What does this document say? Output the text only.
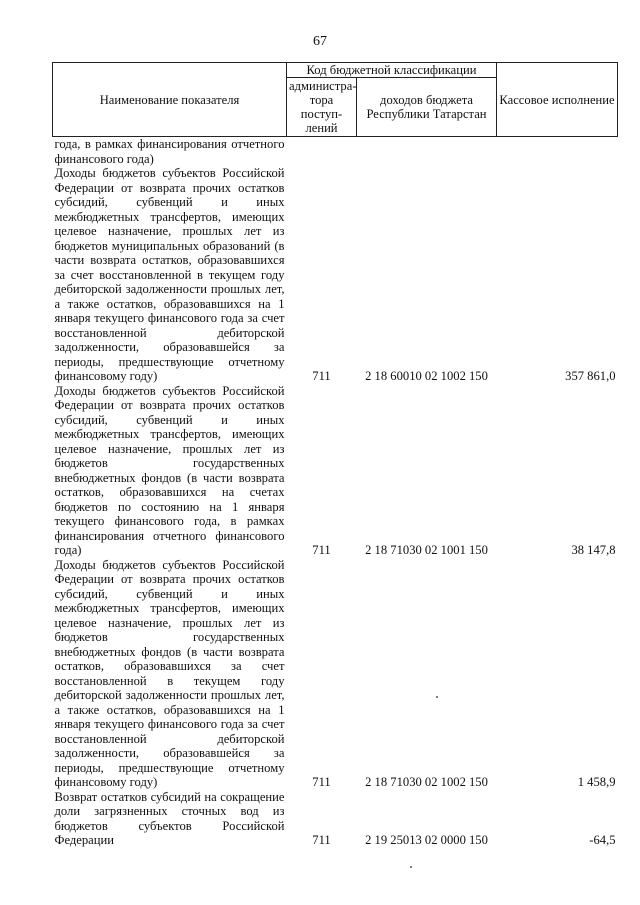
67
Наименование показателя	Код бюджетной классификации		Кассовое исполнение
	администра-тора поступ-лений	доходов бюджета Республики Татарстан	
года, в рамках финансирования отчетного финансового года)			
Доходы бюджетов субъектов Российской Федерации от возврата прочих остатков субсидий, субвенций и иных межбюджетных трансфертов, имеющих целевое назначение, прошлых лет из бюджетов муниципальных образований (в части возврата остатков, образовавшихся за счет восстановленной в текущем году дебиторской задолженности прошлых лет, а также остатков, образовавшихся на 1 января текущего финансового года за счет восстановленной дебиторской задолженности, образовавшейся за периоды, предшествующие отчетному финансовому году)	711	2 18 60010 02 1002 150	357 861,0
Доходы бюджетов субъектов Российской Федерации от возврата прочих остатков субсидий, субвенций и иных межбюджетных трансфертов, имеющих целевое назначение, прошлых лет из бюджетов государственных внебюджетных фондов (в части возврата остатков, образовавшихся на счетах бюджетов по состоянию на 1 января текущего финансового года, в рамках финансирования отчетного финансового года)	711	2 18 71030 02 1001 150	38 147,8
Доходы бюджетов субъектов Российской Федерации от возврата прочих остатков субсидий, субвенций и иных межбюджетных трансфертов, имеющих целевое назначение, прошлых лет из бюджетов государственных внебюджетных фондов (в части возврата остатков, образовавшихся за счет восстановленной в текущем году дебиторской задолженности прошлых лет, а также остатков, образовавшихся на 1 января текущего финансового года за счет восстановленной дебиторской задолженности, образовавшейся за периоды, предшествующие отчетному финансовому году)	711	2 18 71030 02 1002 150	1 458,9
Возврат остатков субсидий на сокращение доли загрязненных сточных вод из бюджетов субъектов Российской Федерации	711	2 19 25013 02 0000 150	-64,5
